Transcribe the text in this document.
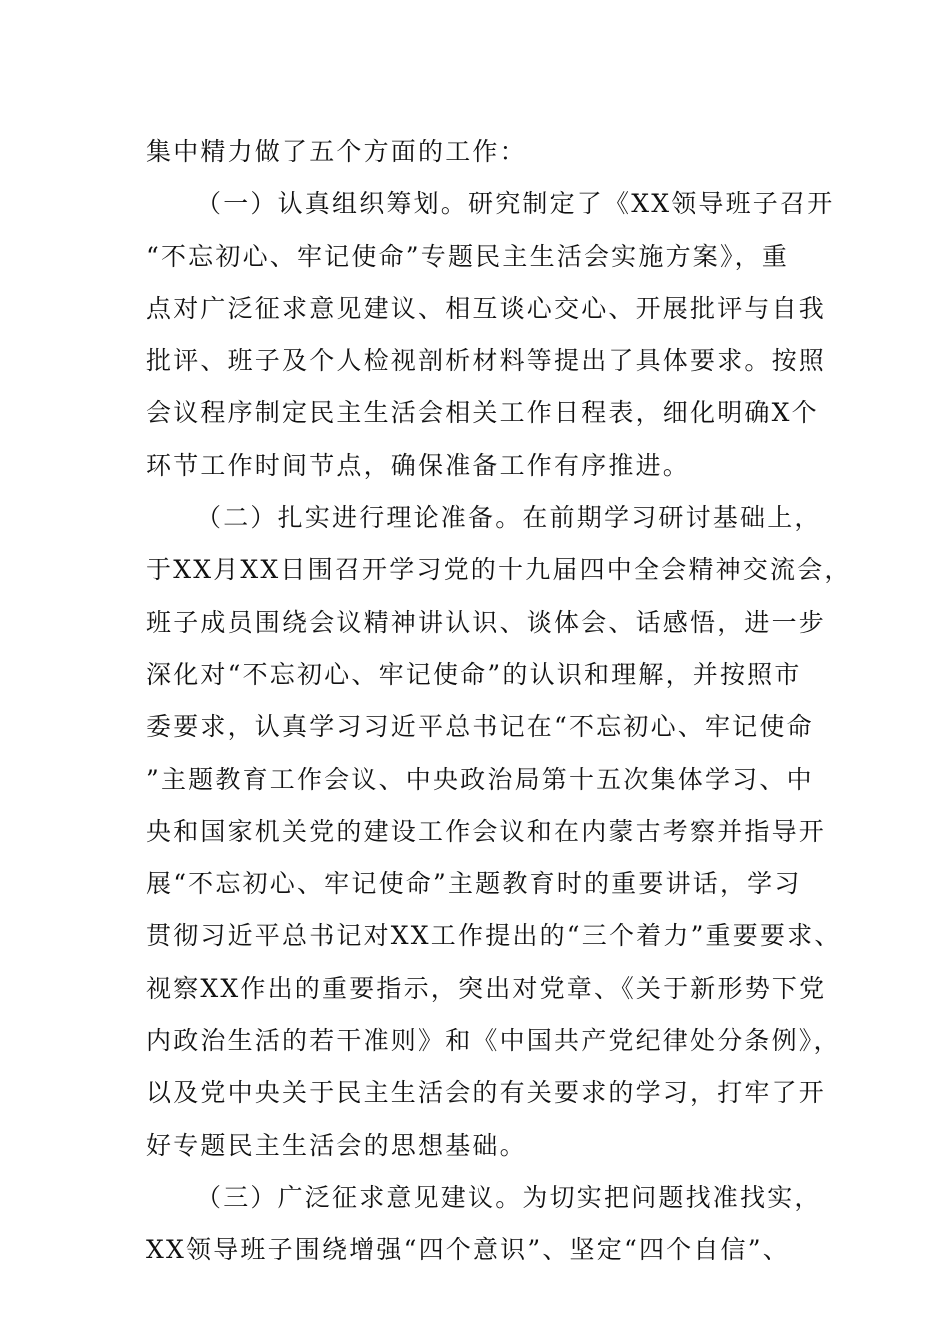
集中精力做了五个方面的工作：
（一）认真组织筹划。研究制定了《XX领导班子召开
“不忘初心、牢记使命”专题民主生活会实施方案》，重
点对广泛征求意见建议、相互谈心交心、开展批评与自我
批评、班子及个人检视剖析材料等提出了具体要求。按照
会议程序制定民主生活会相关工作日程表，细化明确X个
环节工作时间节点，确保准备工作有序推进。
（二）扎实进行理论准备。在前期学习研讨基础上，
于XX月XX日围召开学习党的十九届四中全会精神交流会，
班子成员围绕会议精神讲认识、谈体会、话感悟，进一步
深化对“不忘初心、牢记使命”的认识和理解，并按照市
委要求，认真学习习近平总书记在“不忘初心、牢记使命
”主题教育工作会议、中央政治局第十五次集体学习、中
央和国家机关党的建设工作会议和在内蒙古考察并指导开
展“不忘初心、牢记使命”主题教育时的重要讲话，学习
贯彻习近平总书记对XX工作提出的“三个着力”重要要求、
视察XX作出的重要指示，突出对党章、《关于新形势下党
内政治生活的若干准则》和《中国共产党纪律处分条例》，
以及党中央关于民主生活会的有关要求的学习，打牢了开
好专题民主生活会的思想基础。
（三）广泛征求意见建议。为切实把问题找准找实，
XX领导班子围绕增强“四个意识”、坚定“四个自信”、
